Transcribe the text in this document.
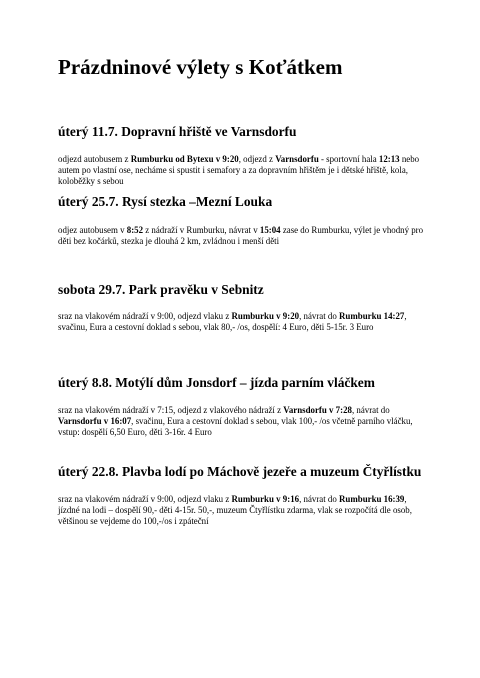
Prázdninové výlety s Koťátkem
úterý 11.7. Dopravní hřiště ve Varnsdorfu

odjezd autobusem z Rumburku od Bytexu v 9:20, odjezd z Varnsdorfu - sportovní hala 12:13 nebo autem po vlastní ose, necháme si spustit i semafory a za dopravním hřištěm je i dětské hřiště, kola, koloběžky s sebou

úterý 25.7. Rysí stezka –Mezní Louka

odjez autobusem v 8:52 z nádraží v Rumburku, návrat v 15:04 zase do Rumburku, výlet je vhodný pro děti bez kočárků, stezka je dlouhá 2 km, zvládnou i menší děti

sobota 29.7. Park pravěku v Sebnitz

sraz na vlakovém nádraží v 9:00, odjezd vlaku z Rumburku v 9:20, návrat do Rumburku 14:27, svačinu, Eura a cestovní doklad s sebou, vlak 80,- /os, dospělí: 4 Euro, děti 5-15r. 3 Euro

úterý 8.8. Motýlí dům Jonsdorf – jízda parním vláčkem

sraz na vlakovém nádraží v 7:15, odjezd z vlakového nádraží z Varnsdorfu v 7:28, návrat do Varnsdorfu v 16:07, svačinu, Eura a cestovní doklad s sebou, vlak 100,- /os včetně parního vláčku, vstup: dospělí 6,50 Euro, děti 3-16r. 4 Euro

úterý 22.8. Plavba lodí po Máchově jezeře a muzeum Čtyřlístku

sraz na vlakovém nádraží v 9:00, odjezd vlaku z Rumburku v 9:16, návrat do Rumburku 16:39, jízdné na lodi – dospělí 90,- děti 4-15r. 50,-, muzeum Čtyřlístku zdarma, vlak se rozpočítá dle osob, většinou se vejdeme do 100,-/os i zpáteční
